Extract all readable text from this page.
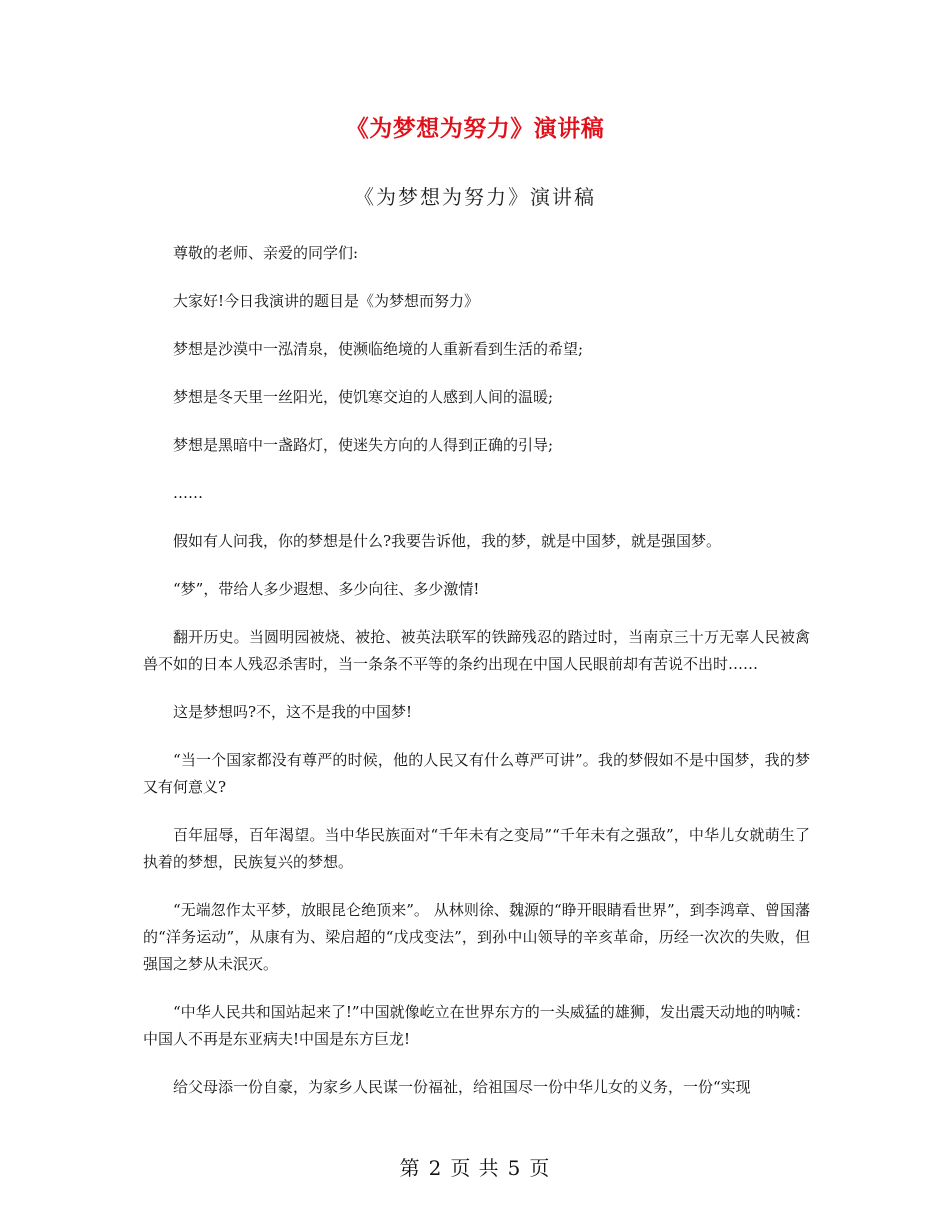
《为梦想为努力》演讲稿
《为梦想为努力》演讲稿

尊敬的老师、亲爱的同学们:

大家好!今日我演讲的题目是《为梦想而努力》

梦想是沙漠中一泓清泉，使濒临绝境的人重新看到生活的希望;

梦想是冬天里一丝阳光，使饥寒交迫的人感到人间的温暖;

梦想是黑暗中一盏路灯，使迷失方向的人得到正确的引导;

……

假如有人问我，你的梦想是什么?我要告诉他，我的梦，就是中国梦，就是强国梦。

“梦”，带给人多少遐想、多少向往、多少激情!

翻开历史。当圆明园被烧、被抢、被英法联军的铁蹄残忍的踏过时，当南京三十万无辜人民被禽兽不如的日本人残忍杀害时，当一条条不平等的条约出现在中国人民眼前却有苦说不出时……

这是梦想吗?不，这不是我的中国梦!

“当一个国家都没有尊严的时候，他的人民又有什么尊严可讲”。我的梦假如不是中国梦，我的梦又有何意义?

百年屈辱，百年渴望。当中华民族面对“千年未有之变局”“千年未有之强敌”，中华儿女就萌生了执着的梦想，民族复兴的梦想。

“无端忽作太平梦，放眼昆仑绝顶来”。 从林则徐、魏源的“睁开眼睛看世界”，到李鸿章、曾国藩的“洋务运动”，从康有为、梁启超的“戊戌变法”，到孙中山领导的辛亥革命，历经一次次的失败，但强国之梦从未泯灭。

“中华人民共和国站起来了!”中国就像屹立在世界东方的一头威猛的雄狮，发出震天动地的呐喊：中国人不再是东亚病夫!中国是东方巨龙!

给父母添一份自豪，为家乡人民谋一份福祉，给祖国尽一份中华儿女的义务，一份“实现

第 2 页 共 5 页
